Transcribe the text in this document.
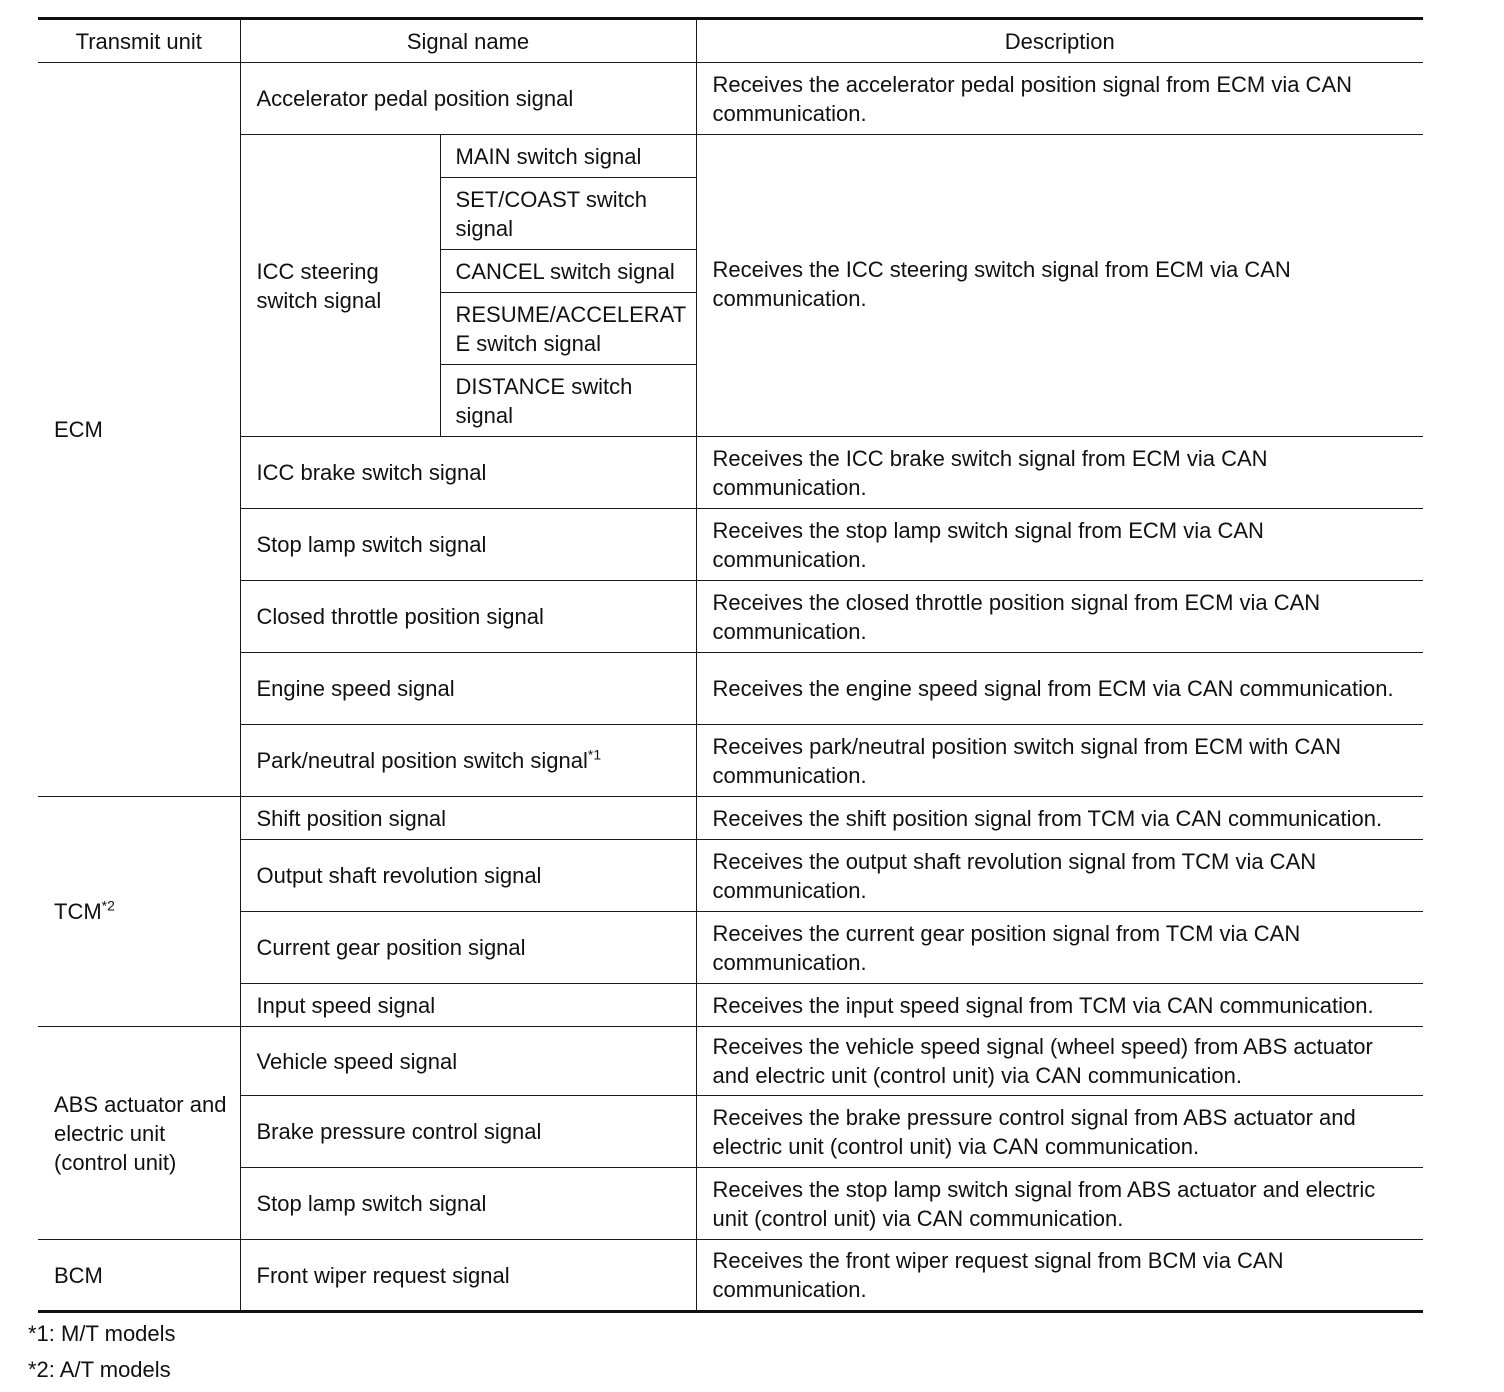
Transmit unit	Signal name		Description
ECM	Accelerator pedal position signal		Receives the accelerator pedal position signal from ECM via CAN communication.
	ICC steering switch signal	MAIN switch signal	Receives the ICC steering switch signal from ECM via CAN communication.
		SET/COAST switch signal	
		CANCEL switch signal	
		RESUME/ACCELERATE switch signal	
		DISTANCE switch signal	
	ICC brake switch signal		Receives the ICC brake switch signal from ECM via CAN communication.
	Stop lamp switch signal		Receives the stop lamp switch signal from ECM via CAN communication.
	Closed throttle position signal		Receives the closed throttle position signal from ECM via CAN communication.
	Engine speed signal		Receives the engine speed signal from ECM via CAN communication.
	Park/neutral position switch signal$^{*1}$		Receives park/neutral position switch signal from ECM with CAN communication.
TCM$^{*2}$	Shift position signal		Receives the shift position signal from TCM via CAN communication.
	Output shaft revolution signal		Receives the output shaft revolution signal from TCM via CAN communication.
	Current gear position signal		Receives the current gear position signal from TCM via CAN communication.
	Input speed signal		Receives the input speed signal from TCM via CAN communication.
ABS actuator and electric unit (control unit)	Vehicle speed signal		Receives the vehicle speed signal (wheel speed) from ABS actuator and electric unit (control unit) via CAN communication.
	Brake pressure control signal		Receives the brake pressure control signal from ABS actuator and electric unit (control unit) via CAN communication.
	Stop lamp switch signal		Receives the stop lamp switch signal from ABS actuator and electric unit (control unit) via CAN communication.
BCM	Front wiper request signal		Receives the front wiper request signal from BCM via CAN communication.
*1: M/T models
*2: A/T models
